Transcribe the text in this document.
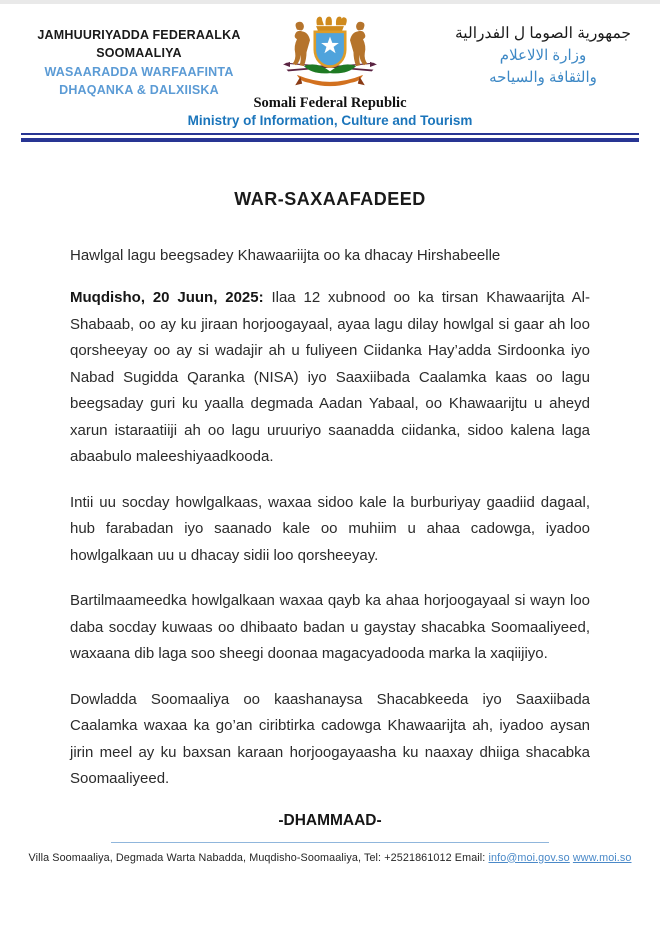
JAMHUURIYADDA FEDERAALKA SOOMAALIYA
WASAARADDA WARFAAFINTA DHAQANKA & DALXIISKA
Somali Federal Republic
Ministry of Information, Culture and Tourism
جمهورية الصوما ل الفدرالية
وزارة الالاعلام
والثقافة والسياحه
WAR-SAXAAFADEED

Hawlgal lagu beegsadey Khawaariijta oo ka dhacay Hirshabeelle

Muqdisho, 20 Juun, 2025: Ilaa 12 xubnood oo ka tirsan Khawaarijta Al-Shabaab, oo ay ku jiraan horjoogayaal, ayaa lagu dilay howlgal si gaar ah loo qorsheeyay oo ay si wadajir ah u fuliyeen Ciidanka Hay’adda Sirdoonka iyo Nabad Sugidda Qaranka (NISA) iyo Saaxiibada Caalamka kaas oo lagu beegsaday guri ku yaalla degmada Aadan Yabaal, oo Khawaarijtu u aheyd xarun istaraatiiji ah oo lagu uruuriyo saanadda ciidanka, sidoo kalena laga abaabulo maleeshiyaadkooda.

Intii uu socday howlgalkaas, waxaa sidoo kale la burburiyay gaadiid dagaal, hub farabadan iyo saanado kale oo muhiim u ahaa cadowga, iyadoo howlgalkaan uu u dhacay sidii loo qorsheeyay.

Bartilmaameedka howlgalkaan waxaa qayb ka ahaa horjoogayaal si wayn loo daba socday kuwaas oo dhibaato badan u gaystay shacabka Soomaaliyeed, waxaana dib laga soo sheegi doonaa magacyadooda marka la xaqiijiyo.

Dowladda Soomaaliya oo kaashanaysa Shacabkeeda iyo Saaxiibada Caalamka waxaa ka go’an ciribtirka cadowga Khawaarijta ah, iyadoo aysan jirin meel ay ku baxsan karaan horjoogayaasha ku naaxay dhiiga shacabka Soomaaliyeed.

-DHAMMAAD-
Villa Soomaaliya, Degmada Warta Nabadda, Muqdisho-Soomaaliya, Tel: +2521861012 Email: info@moi.gov.so www.moi.so
